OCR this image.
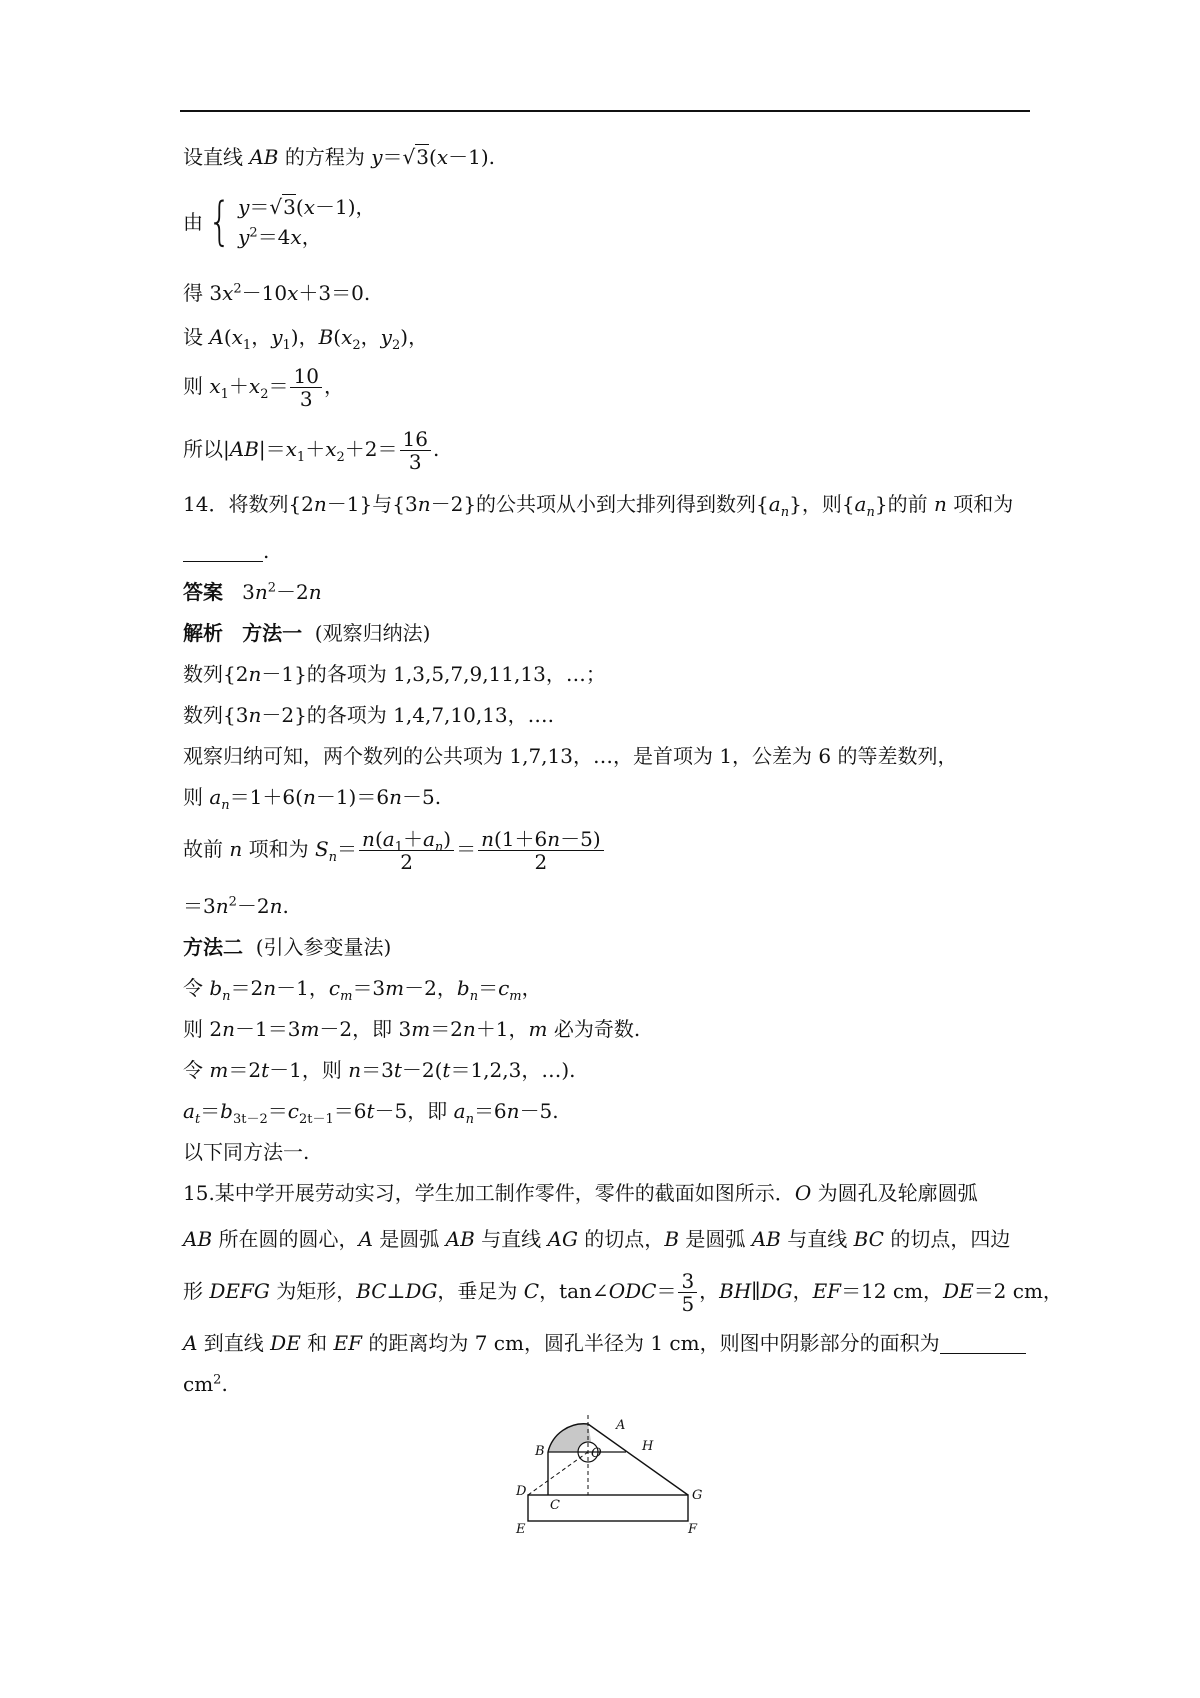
设直线 AB 的方程为 y＝√3(x－1).
由{ y＝√3(x－1)，
$y^2=4x$，
得 $3x^2-10x+3=0$.
设 $A(x_1$，$y_1$)，$B(x_2$，$y_2$)，
则 $x_1+x_2= \frac{10}{3}$ ，
所以$|AB|=x_1+x_2+2= \frac{16}{3}$ .
14．将数列{2n－1}与{3n－2}的公共项从小到大排列得到数列$\{a_n\}$，则$\{a_n\}$的前 n 项和为
.
答案 $3n^2-2n$
解析 方法一 (观察归纳法)
数列{2n－1}的各项为 1,3,5,7,9,11,13，…；
数列{3n－2}的各项为 1,4,7,10,13，….
观察归纳可知，两个数列的公共项为 1,7,13，…，是首项为 1，公差为 6 的等差数列，
则 $a_n=1+6(n-1)=6n-5$.
故前 n 项和为 $S_n= \frac{n(a_1+a_n)}{2} = \frac{n(1+6n-5)}{2}$
$=3n^2-2n$.
方法二 (引入参变量法)
令 $b_n=2n-1$，$c_m=3m-2$，$b_n=c_m$，
则 2n－1＝3m－2，即 3m＝2n＋1，m 必为奇数.
令 m＝2t－1，则 n＝3t－2(t＝1,2,3，…).
$a_t=b_{3t-2}=c_{2t-1}=6t-5$，即 $a_n=6n-5$.
以下同方法一.
15.某中学开展劳动实习，学生加工制作零件，零件的截面如图所示．O 为圆孔及轮廓圆弧
AB 所在圆的圆心，A 是圆弧 AB 与直线 AG 的切点，B 是圆弧 AB 与直线 BC 的切点，四边
形 DEFG 为矩形，BC⊥DG，垂足为 C，tan∠ODC＝ $\frac{3}{5}$ ，BH∥DG，EF＝12 cm，DE＝2 cm，
A 到直线 DE 和 EF 的距离均为 7 cm，圆孔半径为 1 cm，则图中阴影部分的面积为
$cm^2$.
A
B	H
O
D
C
G
E	F
